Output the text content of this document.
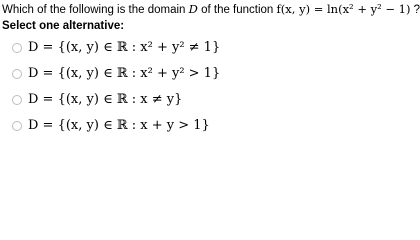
Which of the following is the domain D of the function f(x, y) = ln(x² + y² − 1) ?
Select one alternative:
D = {(x, y) ∈ ℝ : x² + y² ≠ 1}
D = {(x, y) ∈ ℝ : x² + y² > 1}
D = {(x, y) ∈ ℝ : x ≠ y}
D = {(x, y) ∈ ℝ : x + y > 1}
